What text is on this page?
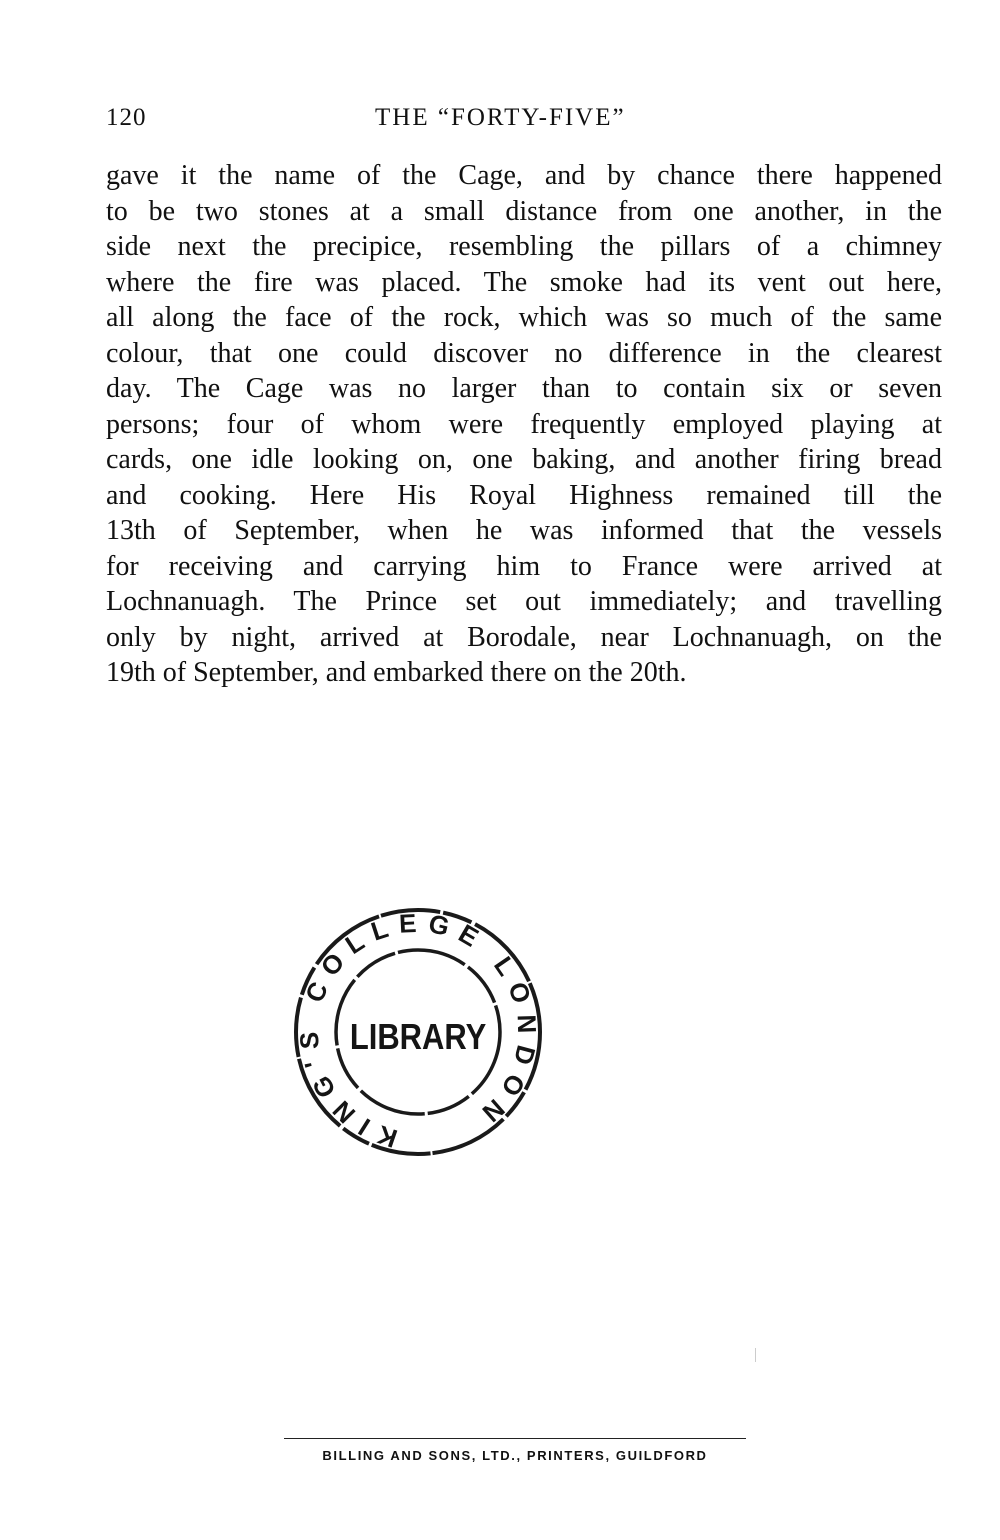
120	THE “FORTY-FIVE”
gave it the name of the Cage, and by chance there happened
to be two stones at a small distance from one another, in the
side next the precipice, resembling the pillars of a chimney
where the fire was placed. The smoke had its vent out here,
all along the face of the rock, which was so much of the same
colour, that one could discover no difference in the clearest
day. The Cage was no larger than to contain six or seven
persons; four of whom were frequently employed playing at
cards, one idle looking on, one baking, and another firing bread
and cooking. Here His Royal Highness remained till the
13th of September, when he was informed that the vessels
for receiving and carrying him to France were arrived at
Lochnanuagh. The Prince set out immediately; and travelling
only by night, arrived at Borodale, near Lochnanuagh, on the
19th of September, and embarked there on the 20th.
KING'S COLLEGE LONDON
LIBRARY
BILLING AND SONS, LTD., PRINTERS, GUILDFORD
